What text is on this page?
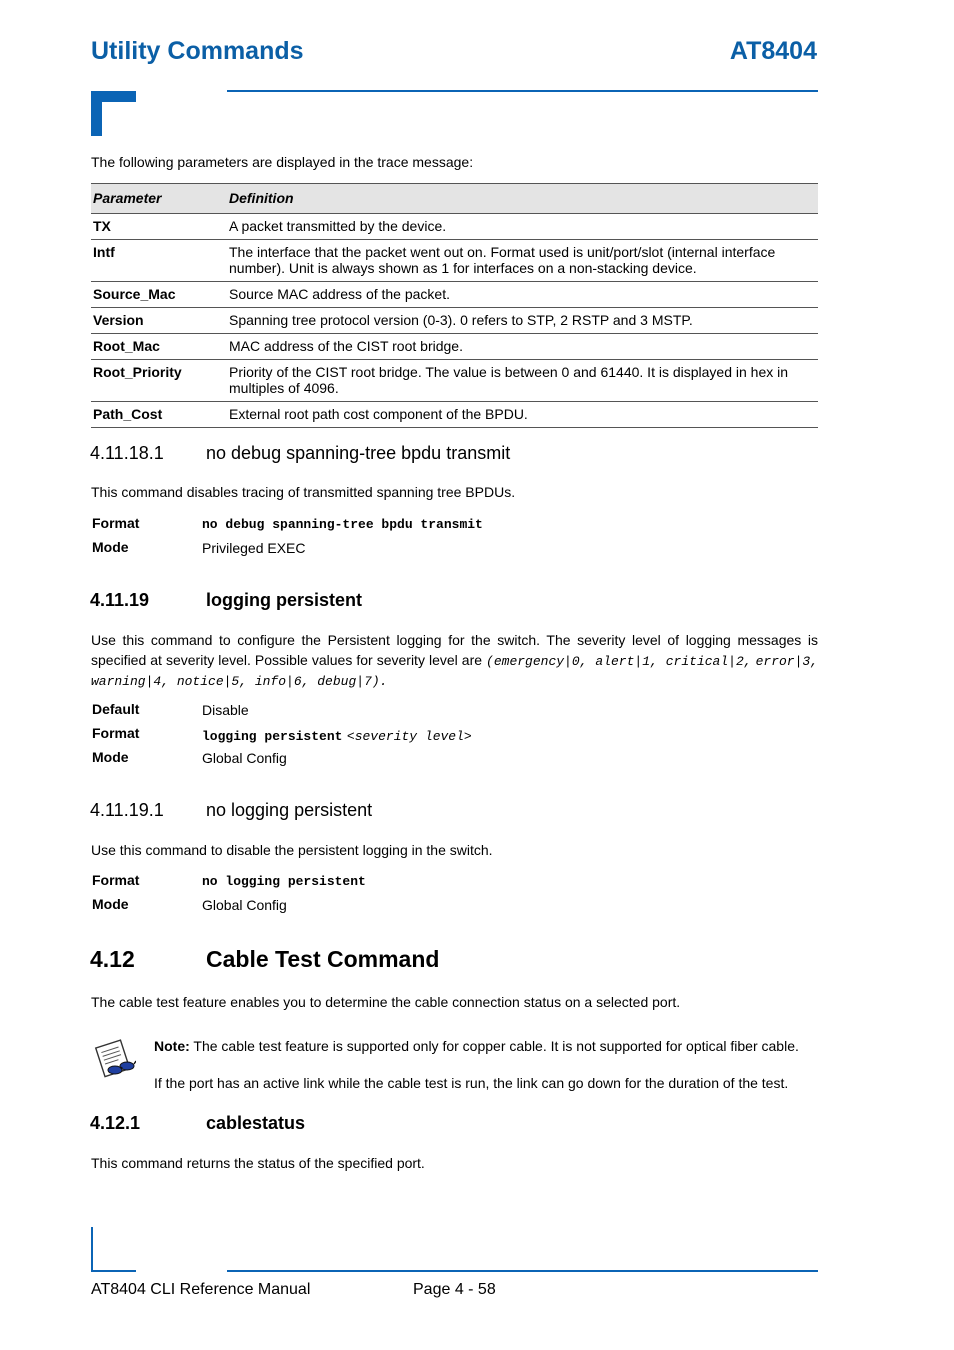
Utility Commands	AT8404
The following parameters are displayed in the trace message:
Parameter	Definition
TX	A packet transmitted by the device.
Intf	The interface that the packet went out on. Format used is unit/port/slot (internal interface number). Unit is always shown as 1 for interfaces on a non-stacking device.
Source_Mac	Source MAC address of the packet.
Version	Spanning tree protocol version (0-3). 0 refers to STP, 2 RSTP and 3 MSTP.
Root_Mac	MAC address of the CIST root bridge.
Root_Priority	Priority of the CIST root bridge. The value is between 0 and 61440. It is displayed in hex in multiples of 4096.
Path_Cost	External root path cost component of the BPDU.
4.11.18.1 no debug spanning-tree bpdu transmit
This command disables tracing of transmitted spanning tree BPDUs.
Format	no debug spanning-tree bpdu transmit
Mode	Privileged EXEC
4.11.19	logging persistent
Use this command to configure the Persistent logging for the switch. The severity level of logging messages is specified at severity level. Possible values for severity level are (emergency|0, alert|1, critical|2, error|3, warning|4, notice|5, info|6, debug|7).
Default	Disable
Format	logging persistent <severity level>
Mode	Global Config
4.11.19.1 no logging persistent
Use this command to disable the persistent logging in the switch.
Format	no logging persistent
Mode	Global Config
4.12	Cable Test Command
The cable test feature enables you to determine the cable connection status on a selected port.
Note: The cable test feature is supported only for copper cable. It is not supported for optical fiber cable.
If the port has an active link while the cable test is run, the link can go down for the duration of the test.
4.12.1	cablestatus
This command returns the status of the specified port.
AT8404 CLI Reference Manual	Page 4 - 58
